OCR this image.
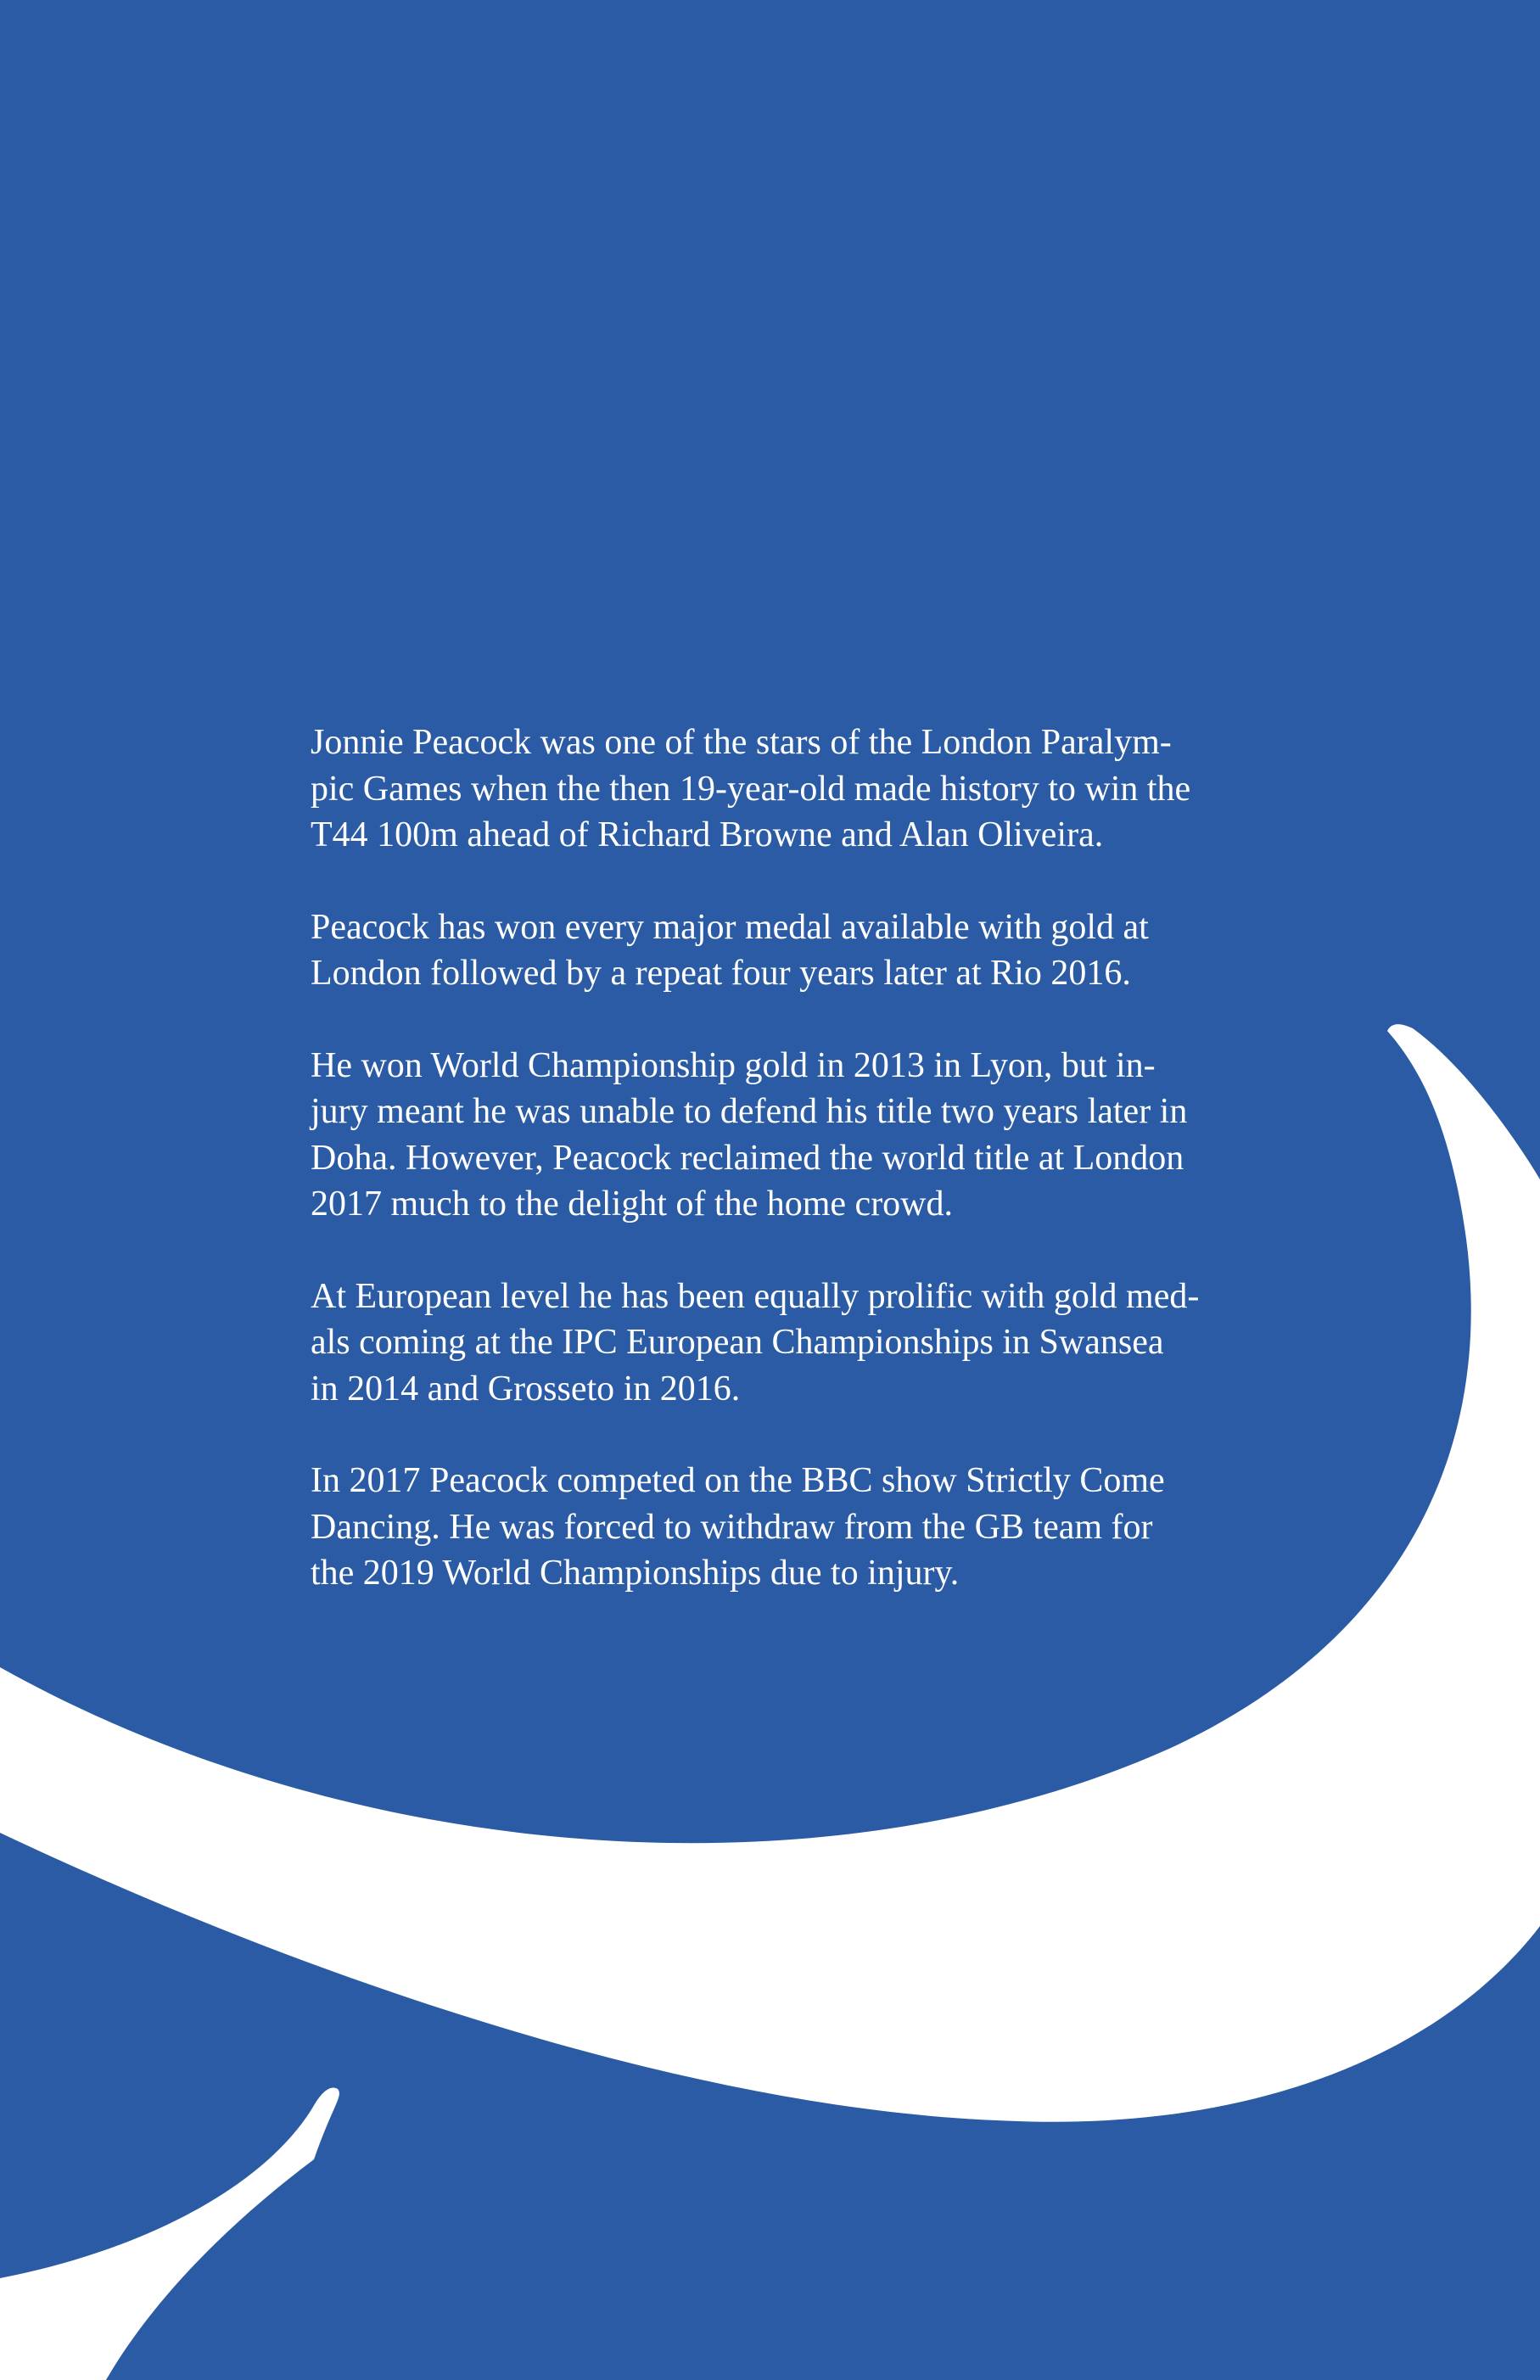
Jonnie Peacock was one of the stars of the London Paralym-
pic Games when the then 19-year-old made history to win the
T44 100m ahead of Richard Browne and Alan Oliveira.

Peacock has won every major medal available with gold at
London followed by a repeat four years later at Rio 2016.

He won World Championship gold in 2013 in Lyon, but in-
jury meant he was unable to defend his title two years later in
Doha. However, Peacock reclaimed the world title at London
2017 much to the delight of the home crowd.

At European level he has been equally prolific with gold med-
als coming at the IPC European Championships in Swansea
in 2014 and Grosseto in 2016.

In 2017 Peacock competed on the BBC show Strictly Come
Dancing. He was forced to withdraw from the GB team for
the 2019 World Championships due to injury.
